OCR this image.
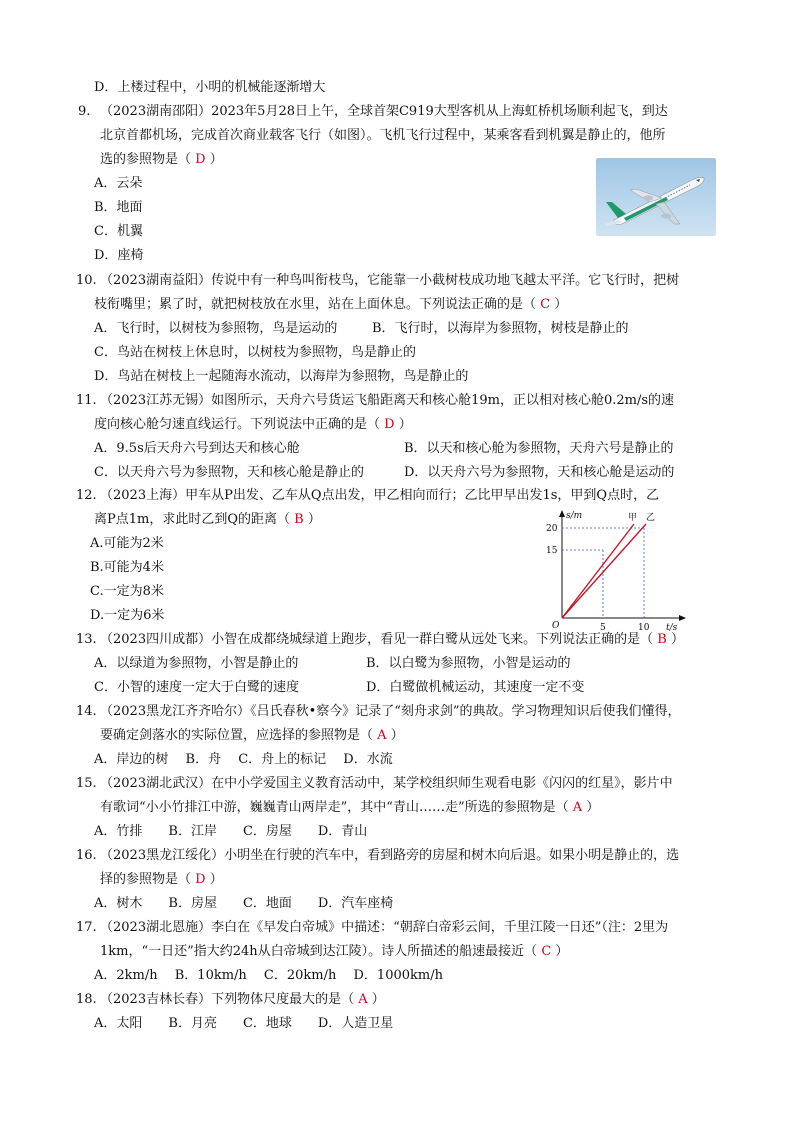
D．上楼过程中，小明的机械能逐渐增大
9. （2023湖南邵阳）2023年5月28日上午，全球首架C919大型客机从上海虹桥机场顺利起飞，到达
北京首都机场，完成首次商业载客飞行（如图）。飞机飞行过程中，某乘客看到机翼是静止的，他所
选的参照物是（ D ）
A．云朵
B．地面
C．机翼
D．座椅
10. （2023湖南益阳）传说中有一种鸟叫衔枝鸟，它能靠一小截树枝成功地飞越太平洋。它飞行时，把树
枝衔嘴里；累了时，就把树枝放在水里，站在上面休息。下列说法正确的是（ C ）
A．飞行时，以树枝为参照物，鸟是运动的	B．飞行时，以海岸为参照物，树枝是静止的
C．鸟站在树枝上休息时，以树枝为参照物，鸟是静止的
D．鸟站在树枝上一起随海水流动，以海岸为参照物，鸟是静止的
11. （2023江苏无锡）如图所示，天舟六号货运飞船距离天和核心舱19m，正以相对核心舱0.2m/s的速
度向核心舱匀速直线运行。下列说法中正确的是（ D ）
A．9.5s后天舟六号到达天和核心舱	B．以天和核心舱为参照物，天舟六号是静止的
C．以天舟六号为参照物，天和核心舱是静止的	D．以天舟六号为参照物，天和核心舱是运动的
12. （2023上海）甲车从P出发、乙车从Q点出发，甲乙相向而行；乙比甲早出发1s，甲到Q点时，乙
离P点1m，求此时乙到Q的距离（ B ）
A.可能为2米
B.可能为4米
C.一定为8米
D.一定为6米
s/m
20
15
O	5	10 t/s
甲 乙
13. （2023四川成都）小智在成都绕城绿道上跑步，看见一群白鹭从远处飞来。下列说法正确的是（ B ）
A．以绿道为参照物，小智是静止的	B．以白鹭为参照物，小智是运动的
C．小智的速度一定大于白鹭的速度	D．白鹭做机械运动，其速度一定不变
14. （2023黑龙江齐齐哈尔）《吕氏春秋•察今》记录了“刻舟求剑”的典故。学习物理知识后使我们懂得，
要确定剑落水的实际位置，应选择的参照物是（ A ）
A．岸边的树　 B．舟　 C．舟上的标记　 D．水流
15. （2023湖北武汉）在中小学爱国主义教育活动中，某学校组织师生观看电影《闪闪的红星》，影片中
有歌词“小小竹排江中游，巍巍青山两岸走”，其中“青山……走”所选的参照物是（ A ）
A．竹排　　B．江岸　　C．房屋　　D．青山
16. （2023黑龙江绥化）小明坐在行驶的汽车中，看到路旁的房屋和树木向后退。如果小明是静止的，选
择的参照物是（ D ）
A．树木　　B．房屋　　C．地面　　D．汽车座椅
17. （2023湖北恩施）李白在《早发白帝城》中描述：“朝辞白帝彩云间，千里江陵一日还”（注：2里为
1km，“一日还”指大约24h从白帝城到达江陵）。诗人所描述的船速最接近（ C ）
A．2km/h　 B．10km/h　 C．20km/h　 D．1000km/h
18. （2023吉林长春）下列物体尺度最大的是（ A ）
A．太阳　　B．月亮　　C．地球　　D．人造卫星
